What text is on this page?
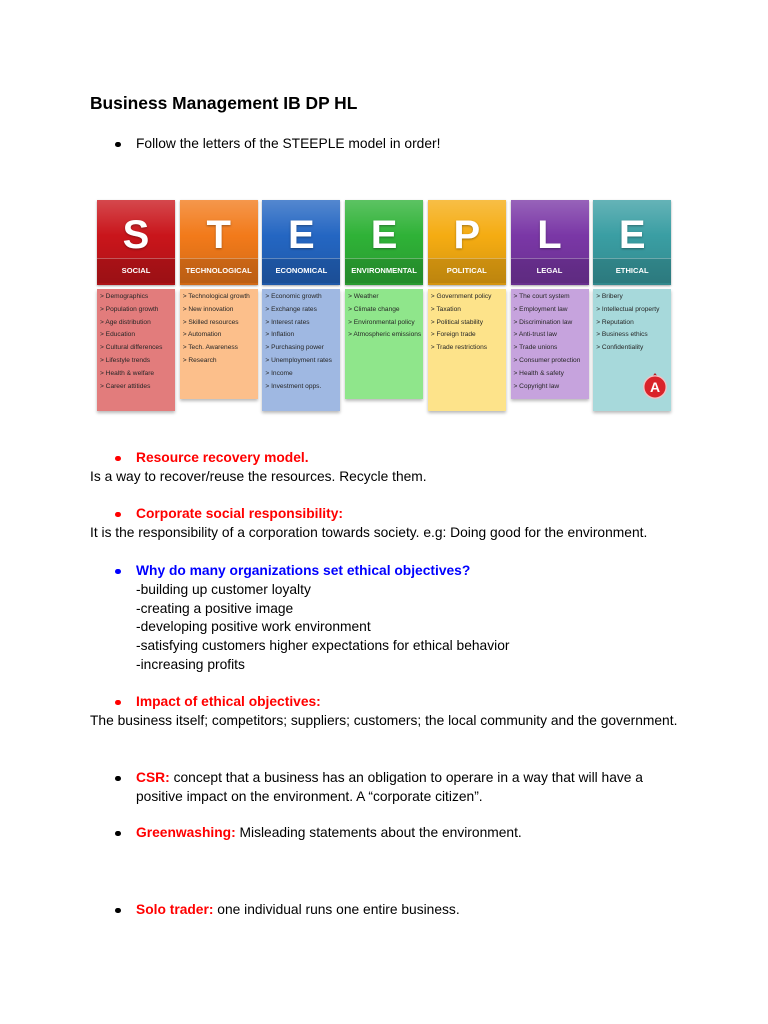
Business Management IB DP HL
Follow the letters of the STEEPLE model in order!
S
SOCIAL
> Demographics
> Population growth
> Age distribution
> Education
> Cultural differences
> Lifestyle trends
> Health & welfare
> Career attitides
T
TECHNOLOGICAL
> Technological growth
> New innovation
> Skilled resources
> Automation
> Tech. Awareness
> Research
E
ECONOMICAL
> Economic growth
> Exchange rates
> Interest rates
> Inflation
> Purchasing power
> Unemployment rates
> Income
> Investment opps.
E
ENVIRONMENTAL
> Weather
> Climate change
> Environmental policy
> Atmospheric emissions
P
POLITICAL
> Government policy
> Taxation
> Political stability
> Foreign trade
> Trade restrictions
L
LEGAL
> The court system
> Employment law
> Discrimination law
> Anti-trust law
> Trade unions
> Consumer protection
> Health & safety
> Copyright law
E
ETHICAL
> Bribery
> Intellectual property
> Reputation
> Business ethics
> Confidentiality
A
Resource recovery model.
Is a way to recover/reuse the resources. Recycle them.
Corporate social responsibility:
It is the responsibility of a corporation towards society. e.g: Doing good for the environment.
Why do many organizations set ethical objectives?
-building up customer loyalty
-creating a positive image
-developing positive work environment
-satisfying customers higher expectations for ethical behavior
-increasing profits
Impact of ethical objectives:
The business itself; competitors; suppliers; customers; the local community and the government.
CSR: concept that a business has an obligation to operare in a way that will have a positive impact on the environment. A “corporate citizen”.
Greenwashing: Misleading statements about the environment.
Solo trader: one individual runs one entire business.
